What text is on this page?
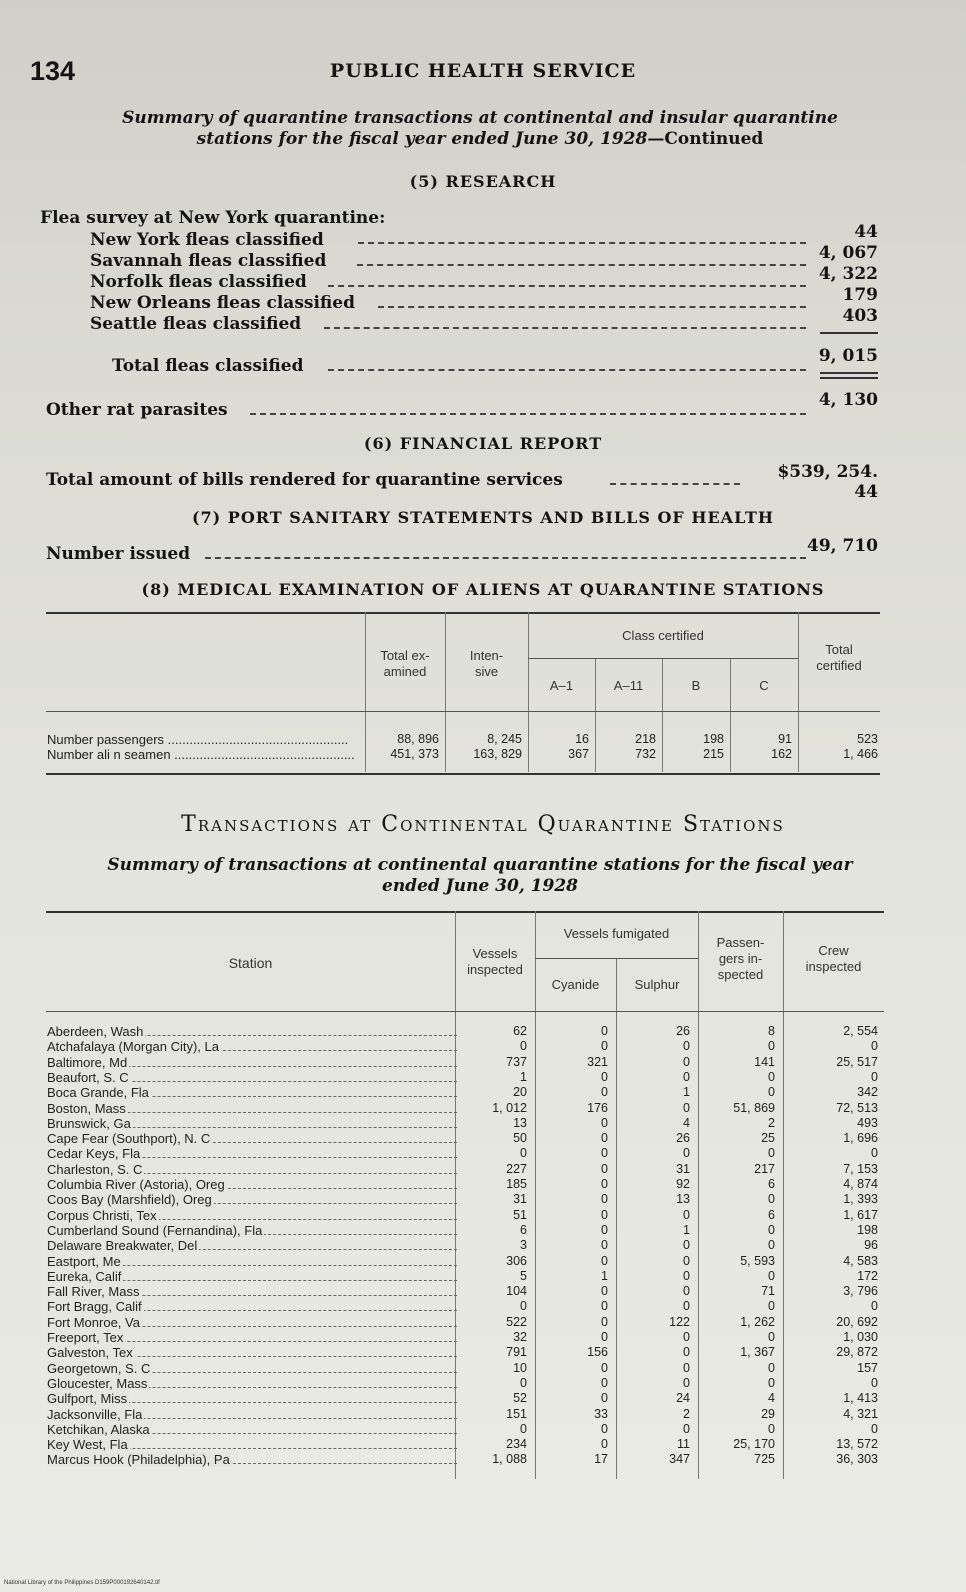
134	PUBLIC HEALTH SERVICE
Summary of quarantine transactions at continental and insular quarantine
stations for the fiscal year ended June 30, 1928—Continued
(5) RESEARCH
Flea survey at New York quarantine:
New York fleas classified	44
Savannah fleas classified	4, 067
Norfolk fleas classified	4, 322
New Orleans fleas classified	179
Seattle fleas classified	403
Total fleas classified	9, 015
Other rat parasites	4, 130
(6) FINANCIAL REPORT
Total amount of bills rendered for quarantine services	$539, 254. 44
(7) PORT SANITARY STATEMENTS AND BILLS OF HEALTH
Number issued	49, 710
(8) MEDICAL EXAMINATION OF ALIENS AT QUARANTINE STATIONS
Total ex-
amined
Inten-
sive
Class certified
A–1	A–11	B	C
Total
certified
Number passengers ..................................................	88, 896	8, 245	16	218	198	91	523
Number ali n seamen ..................................................	451, 373	163, 829	367	732	215	162	1, 466
Transactions at Continental Quarantine Stations
Summary of transactions at continental quarantine stations for the fiscal year
ended June 30, 1928
Station
Vessels
inspected
Vessels fumigated
Cyanide	Sulphur
Passen-
gers in-
spected
Crew
inspected
Aberdeen, Wash	62	0	26	8	2, 554
Atchafalaya (Morgan City), La	0	0	0	0	0
Baltimore, Md	737	321	0	141	25, 517
Beaufort, S. C	1	0	0	0	0
Boca Grande, Fla	20	0	1	0	342
Boston, Mass	1, 012	176	0	51, 869	72, 513
Brunswick, Ga	13	0	4	2	493
Cape Fear (Southport), N. C	50	0	26	25	1, 696
Cedar Keys, Fla	0	0	0	0	0
Charleston, S. C	227	0	31	217	7, 153
Columbia River (Astoria), Oreg	185	0	92	6	4, 874
Coos Bay (Marshfield), Oreg	31	0	13	0	1, 393
Corpus Christi, Tex	51	0	0	6	1, 617
Cumberland Sound (Fernandina), Fla	6	0	1	0	198
Delaware Breakwater, Del	3	0	0	0	96
Eastport, Me	306	0	0	5, 593	4, 583
Eureka, Calif	5	1	0	0	172
Fall River, Mass	104	0	0	71	3, 796
Fort Bragg, Calif	0	0	0	0	0
Fort Monroe, Va	522	0	122	1, 262	20, 692
Freeport, Tex	32	0	0	0	1, 030
Galveston, Tex	791	156	0	1, 367	29, 872
Georgetown, S. C	10	0	0	0	157
Gloucester, Mass	0	0	0	0	0
Gulfport, Miss	52	0	24	4	1, 413
Jacksonville, Fla	151	33	2	29	4, 321
Ketchikan, Alaska	0	0	0	0	0
Key West, Fla	234	0	11	25, 170	13, 572
Marcus Hook (Philadelphia), Pa	1, 088	17	347	725	36, 303
National Library of the Philippines D159P000192640142.tif
